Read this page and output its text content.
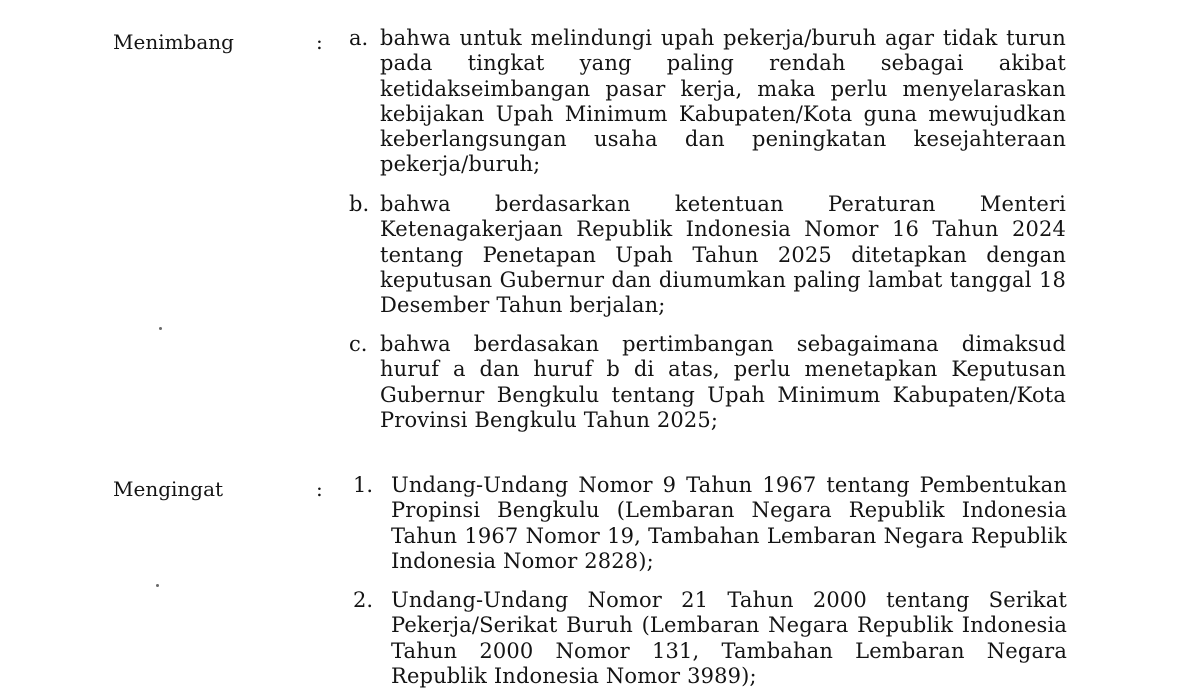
Menimbang	: a. bahwa untuk melindungi upah pekerja/buruh agar tidak turun pada tingkat yang paling rendah sebagai akibat ketidakseimbangan pasar kerja, maka perlu menyelaraskan kebijakan Upah Minimum Kabupaten/Kota guna mewujudkan keberlangsungan usaha dan peningkatan kesejahteraan pekerja/buruh;
b. bahwa berdasarkan ketentuan Peraturan Menteri Ketenagakerjaan Republik Indonesia Nomor 16 Tahun 2024 tentang Penetapan Upah Tahun 2025 ditetapkan dengan keputusan Gubernur dan diumumkan paling lambat tanggal 18 Desember Tahun berjalan;
c. bahwa berdasakan pertimbangan sebagaimana dimaksud huruf a dan huruf b di atas, perlu menetapkan Keputusan Gubernur Bengkulu tentang Upah Minimum Kabupaten/Kota Provinsi Bengkulu Tahun 2025;
Mengingat	: 1. Undang-Undang Nomor 9 Tahun 1967 tentang Pembentukan Propinsi Bengkulu (Lembaran Negara Republik Indonesia Tahun 1967 Nomor 19, Tambahan Lembaran Negara Republik Indonesia Nomor 2828);
2. Undang-Undang Nomor 21 Tahun 2000 tentang Serikat Pekerja/Serikat Buruh (Lembaran Negara Republik Indonesia Tahun 2000 Nomor 131, Tambahan Lembaran Negara Republik Indonesia Nomor 3989);
